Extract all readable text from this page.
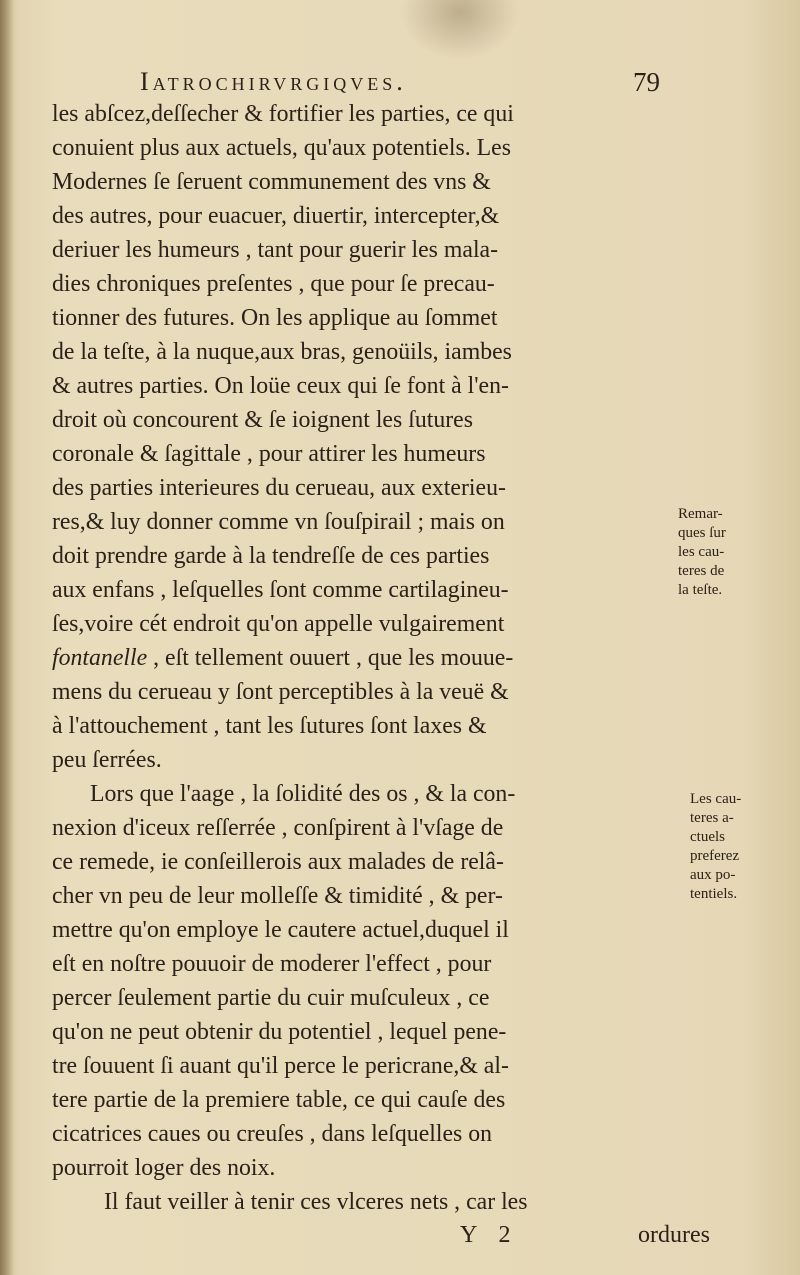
Iatrochirvrgiqves.	79
les abſcez,deſſecher & fortifier les parties, ce qui
conuient plus aux actuels, qu'aux potentiels. Les
Modernes ſe ſeruent communement des vns &
des autres, pour euacuer, diuertir, intercepter,&
deriuer les humeurs , tant pour guerir les mala-
dies chroniques preſentes , que pour ſe precau-
tionner des futures. On les applique au ſommet
de la teſte, à la nuque,aux bras, genoüils, iambes
& autres parties. On loüe ceux qui ſe font à l'en-
droit où concourent & ſe ioignent les ſutures
coronale & ſagittale , pour attirer les humeurs
des parties interieures du cerueau, aux exterieu-
res,& luy donner comme vn ſouſpirail ; mais on
doit prendre garde à la tendreſſe de ces parties
aux enfans , leſquelles ſont comme cartilagineu-
ſes,voire cét endroit qu'on appelle vulgairement
fontanelle , eſt tellement ouuert , que les mouue-
mens du cerueau y ſont perceptibles à la veuë &
à l'attouchement , tant les ſutures ſont laxes &
peu ſerrées.
Lors que l'aage , la ſolidité des os , & la con-
nexion d'iceux reſſerrée , conſpirent à l'vſage de
ce remede, ie conſeillerois aux malades de relâ-
cher vn peu de leur molleſſe & timidité , & per-
mettre qu'on employe le cautere actuel,duquel il
eſt en noſtre pouuoir de moderer l'effect , pour
percer ſeulement partie du cuir muſculeux , ce
qu'on ne peut obtenir du potentiel , lequel pene-
tre ſouuent ſi auant qu'il perce le pericrane,& al-
tere partie de la premiere table, ce qui cauſe des
cicatrices caues ou creuſes , dans leſquelles on
pourroit loger des noix.
Il faut veiller à tenir ces vlceres nets , car les
Remar-
ques ſur
les cau-
teres de
la teſte.
Les cau-
teres a-
ctuels
preferez
aux po-
tentiels.
Y 2	ordures
